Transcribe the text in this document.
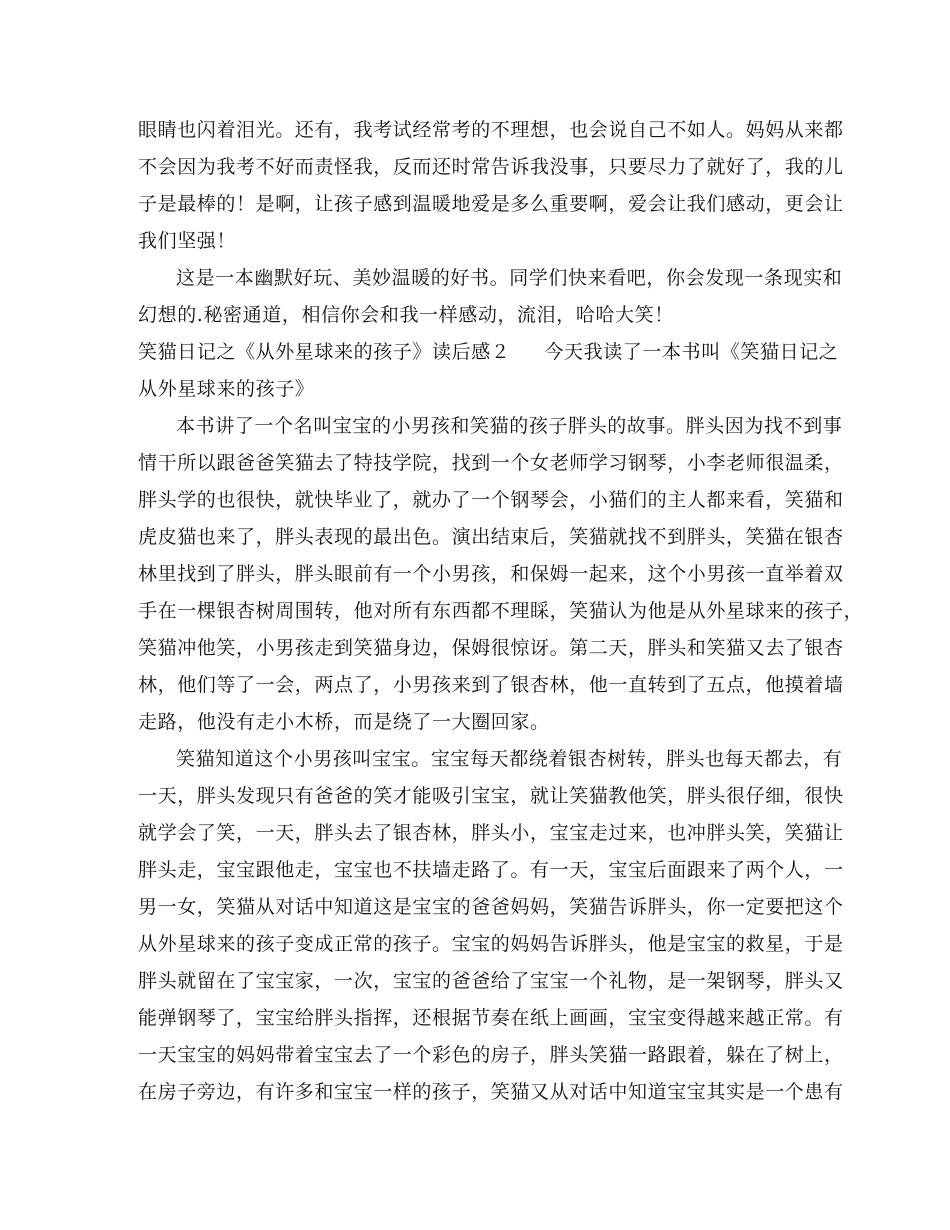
眼睛也闪着泪光。还有，我考试经常考的不理想，也会说自己不如人。妈妈从来都
不会因为我考不好而责怪我，反而还时常告诉我没事，只要尽力了就好了，我的儿
子是最棒的！是啊，让孩子感到温暖地爱是多么重要啊，爱会让我们感动，更会让
我们坚强！
这是一本幽默好玩、美妙温暖的好书。同学们快来看吧，你会发现一条现实和
幻想的.秘密通道，相信你会和我一样感动，流泪，哈哈大笑！
笑猫日记之《从外星球来的孩子》读后感２ 今天我读了一本书叫《笑猫日记之
从外星球来的孩子》
本书讲了一个名叫宝宝的小男孩和笑猫的孩子胖头的故事。胖头因为找不到事
情干所以跟爸爸笑猫去了特技学院，找到一个女老师学习钢琴，小李老师很温柔，
胖头学的也很快，就快毕业了，就办了一个钢琴会，小猫们的主人都来看，笑猫和
虎皮猫也来了，胖头表现的最出色。演出结束后，笑猫就找不到胖头，笑猫在银杏
林里找到了胖头，胖头眼前有一个小男孩，和保姆一起来，这个小男孩一直举着双
手在一棵银杏树周围转，他对所有东西都不理睬，笑猫认为他是从外星球来的孩子，
笑猫冲他笑，小男孩走到笑猫身边，保姆很惊讶。第二天，胖头和笑猫又去了银杏
林，他们等了一会，两点了，小男孩来到了银杏林，他一直转到了五点，他摸着墙
走路，他没有走小木桥，而是绕了一大圈回家。
笑猫知道这个小男孩叫宝宝。宝宝每天都绕着银杏树转，胖头也每天都去，有
一天，胖头发现只有爸爸的笑才能吸引宝宝，就让笑猫教他笑，胖头很仔细，很快
就学会了笑，一天，胖头去了银杏林，胖头小，宝宝走过来，也冲胖头笑，笑猫让
胖头走，宝宝跟他走，宝宝也不扶墙走路了。有一天，宝宝后面跟来了两个人，一
男一女，笑猫从对话中知道这是宝宝的爸爸妈妈，笑猫告诉胖头，你一定要把这个
从外星球来的孩子变成正常的孩子。宝宝的妈妈告诉胖头，他是宝宝的救星，于是
胖头就留在了宝宝家，一次，宝宝的爸爸给了宝宝一个礼物，是一架钢琴，胖头又
能弹钢琴了，宝宝给胖头指挥，还根据节奏在纸上画画，宝宝变得越来越正常。有
一天宝宝的妈妈带着宝宝去了一个彩色的房子，胖头笑猫一路跟着，躲在了树上，
在房子旁边，有许多和宝宝一样的孩子，笑猫又从对话中知道宝宝其实是一个患有
